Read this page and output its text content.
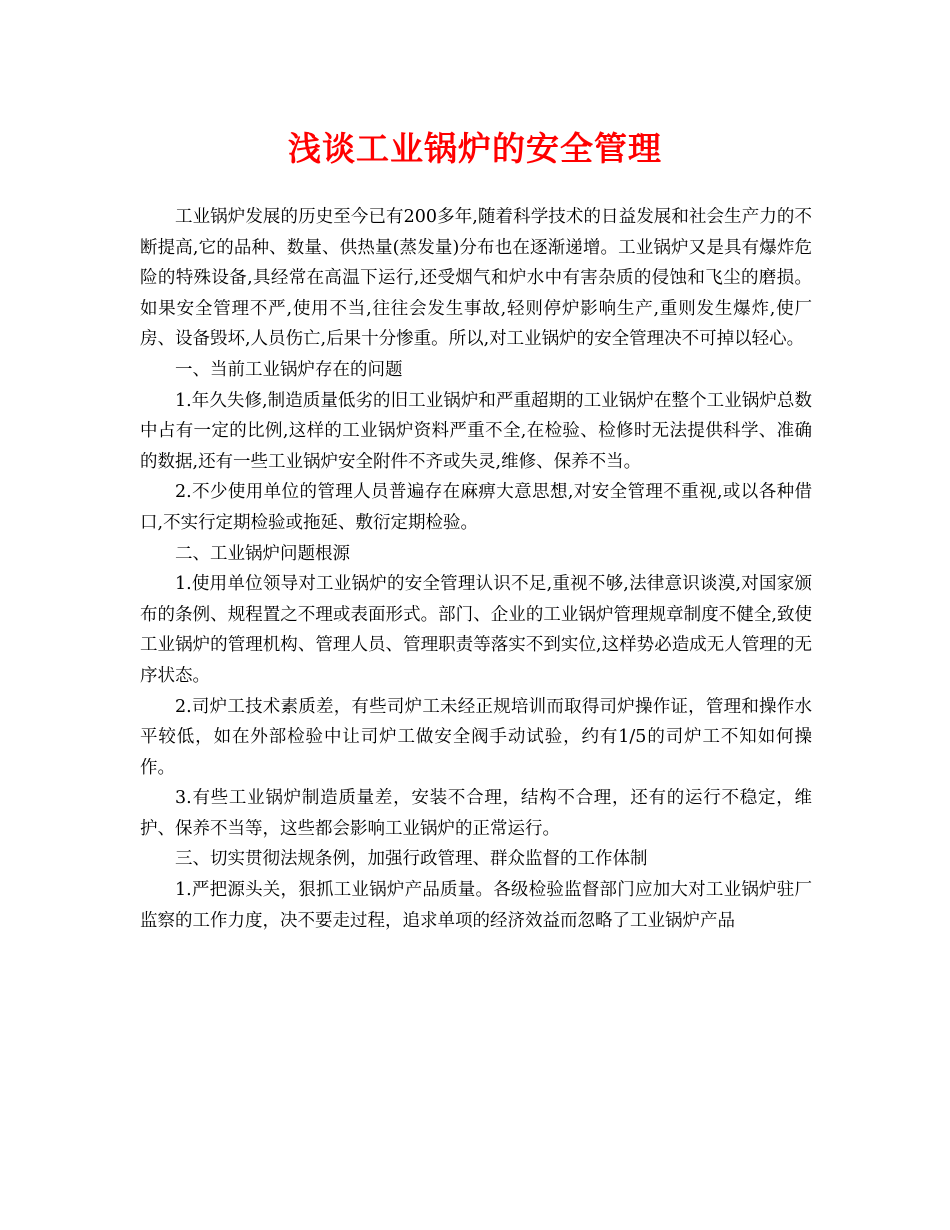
浅谈工业锅炉的安全管理

工业锅炉发展的历史至今已有200多年,随着科学技术的日益发展和社会生产力的不断提高,它的品种、数量、供热量(蒸发量)分布也在逐渐递增。工业锅炉又是具有爆炸危险的特殊设备,具经常在高温下运行,还受烟气和炉水中有害杂质的侵蚀和飞尘的磨损。如果安全管理不严,使用不当,往往会发生事故,轻则停炉影响生产,重则发生爆炸,使厂房、设备毁坏,人员伤亡,后果十分惨重。所以,对工业锅炉的安全管理决不可掉以轻心。

一、当前工业锅炉存在的问题

1.年久失修,制造质量低劣的旧工业锅炉和严重超期的工业锅炉在整个工业锅炉总数中占有一定的比例,这样的工业锅炉资料严重不全,在检验、检修时无法提供科学、准确的数据,还有一些工业锅炉安全附件不齐或失灵,维修、保养不当。

2.不少使用单位的管理人员普遍存在麻痹大意思想,对安全管理不重视,或以各种借口,不实行定期检验或拖延、敷衍定期检验。

二、工业锅炉问题根源

1.使用单位领导对工业锅炉的安全管理认识不足,重视不够,法律意识谈漠,对国家颁布的条例、规程置之不理或表面形式。部门、企业的工业锅炉管理规章制度不健全,致使工业锅炉的管理机构、管理人员、管理职责等落实不到实位,这样势必造成无人管理的无序状态。

2.司炉工技术素质差，有些司炉工未经正规培训而取得司炉操作证，管理和操作水平较低，如在外部检验中让司炉工做安全阀手动试验，约有1/5的司炉工不知如何操作。

3.有些工业锅炉制造质量差，安装不合理，结构不合理，还有的运行不稳定，维护、保养不当等，这些都会影响工业锅炉的正常运行。

三、切实贯彻法规条例，加强行政管理、群众监督的工作体制

1.严把源头关，狠抓工业锅炉产品质量。各级检验监督部门应加大对工业锅炉驻厂监察的工作力度，决不要走过程，追求单项的经济效益而忽略了工业锅炉产品
